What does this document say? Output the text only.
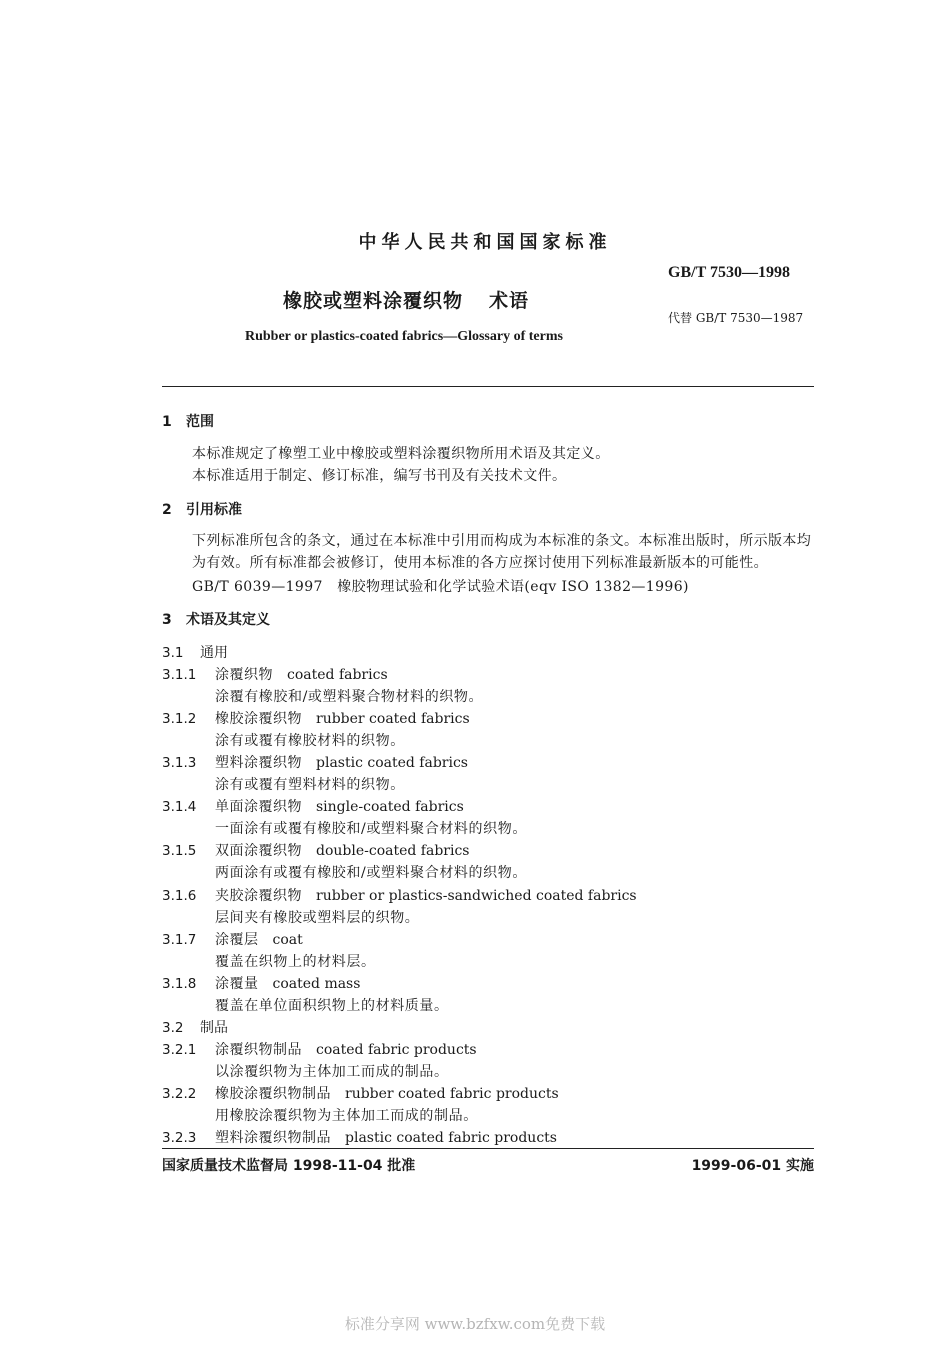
中华人民共和国国家标准
GB/T 7530—1998
橡胶或塑料涂覆织物 术语
代替 GB/T 7530—1987
Rubber or plastics-coated fabrics—Glossary of terms
1 范围
本标准规定了橡塑工业中橡胶或塑料涂覆织物所用术语及其定义。
本标准适用于制定、修订标准，编写书刊及有关技术文件。
2 引用标准
下列标准所包含的条文，通过在本标准中引用而构成为本标准的条文。本标准出版时，所示版本均为有效。所有标准都会被修订，使用本标准的各方应探讨使用下列标准最新版本的可能性。
GB/T 6039—1997　橡胶物理试验和化学试验术语(eqv ISO 1382—1996)
3 术语及其定义
3.1 通用
3.1.1 涂覆织物 coated fabrics
涂覆有橡胶和/或塑料聚合物材料的织物。
3.1.2 橡胶涂覆织物 rubber coated fabrics
涂有或覆有橡胶材料的织物。
3.1.3 塑料涂覆织物 plastic coated fabrics
涂有或覆有塑料材料的织物。
3.1.4 单面涂覆织物 single-coated fabrics
一面涂有或覆有橡胶和/或塑料聚合材料的织物。
3.1.5 双面涂覆织物 double-coated fabrics
两面涂有或覆有橡胶和/或塑料聚合材料的织物。
3.1.6 夹胶涂覆织物 rubber or plastics-sandwiched coated fabrics
层间夹有橡胶或塑料层的织物。
3.1.7 涂覆层 coat
覆盖在织物上的材料层。
3.1.8 涂覆量 coated mass
覆盖在单位面积织物上的材料质量。
3.2 制品
3.2.1 涂覆织物制品 coated fabric products
以涂覆织物为主体加工而成的制品。
3.2.2 橡胶涂覆织物制品 rubber coated fabric products
用橡胶涂覆织物为主体加工而成的制品。
3.2.3 塑料涂覆织物制品 plastic coated fabric products
国家质量技术监督局 1998-11-04 批准	1999-06-01 实施
标准分享网 www.bzfxw.com免费下载
